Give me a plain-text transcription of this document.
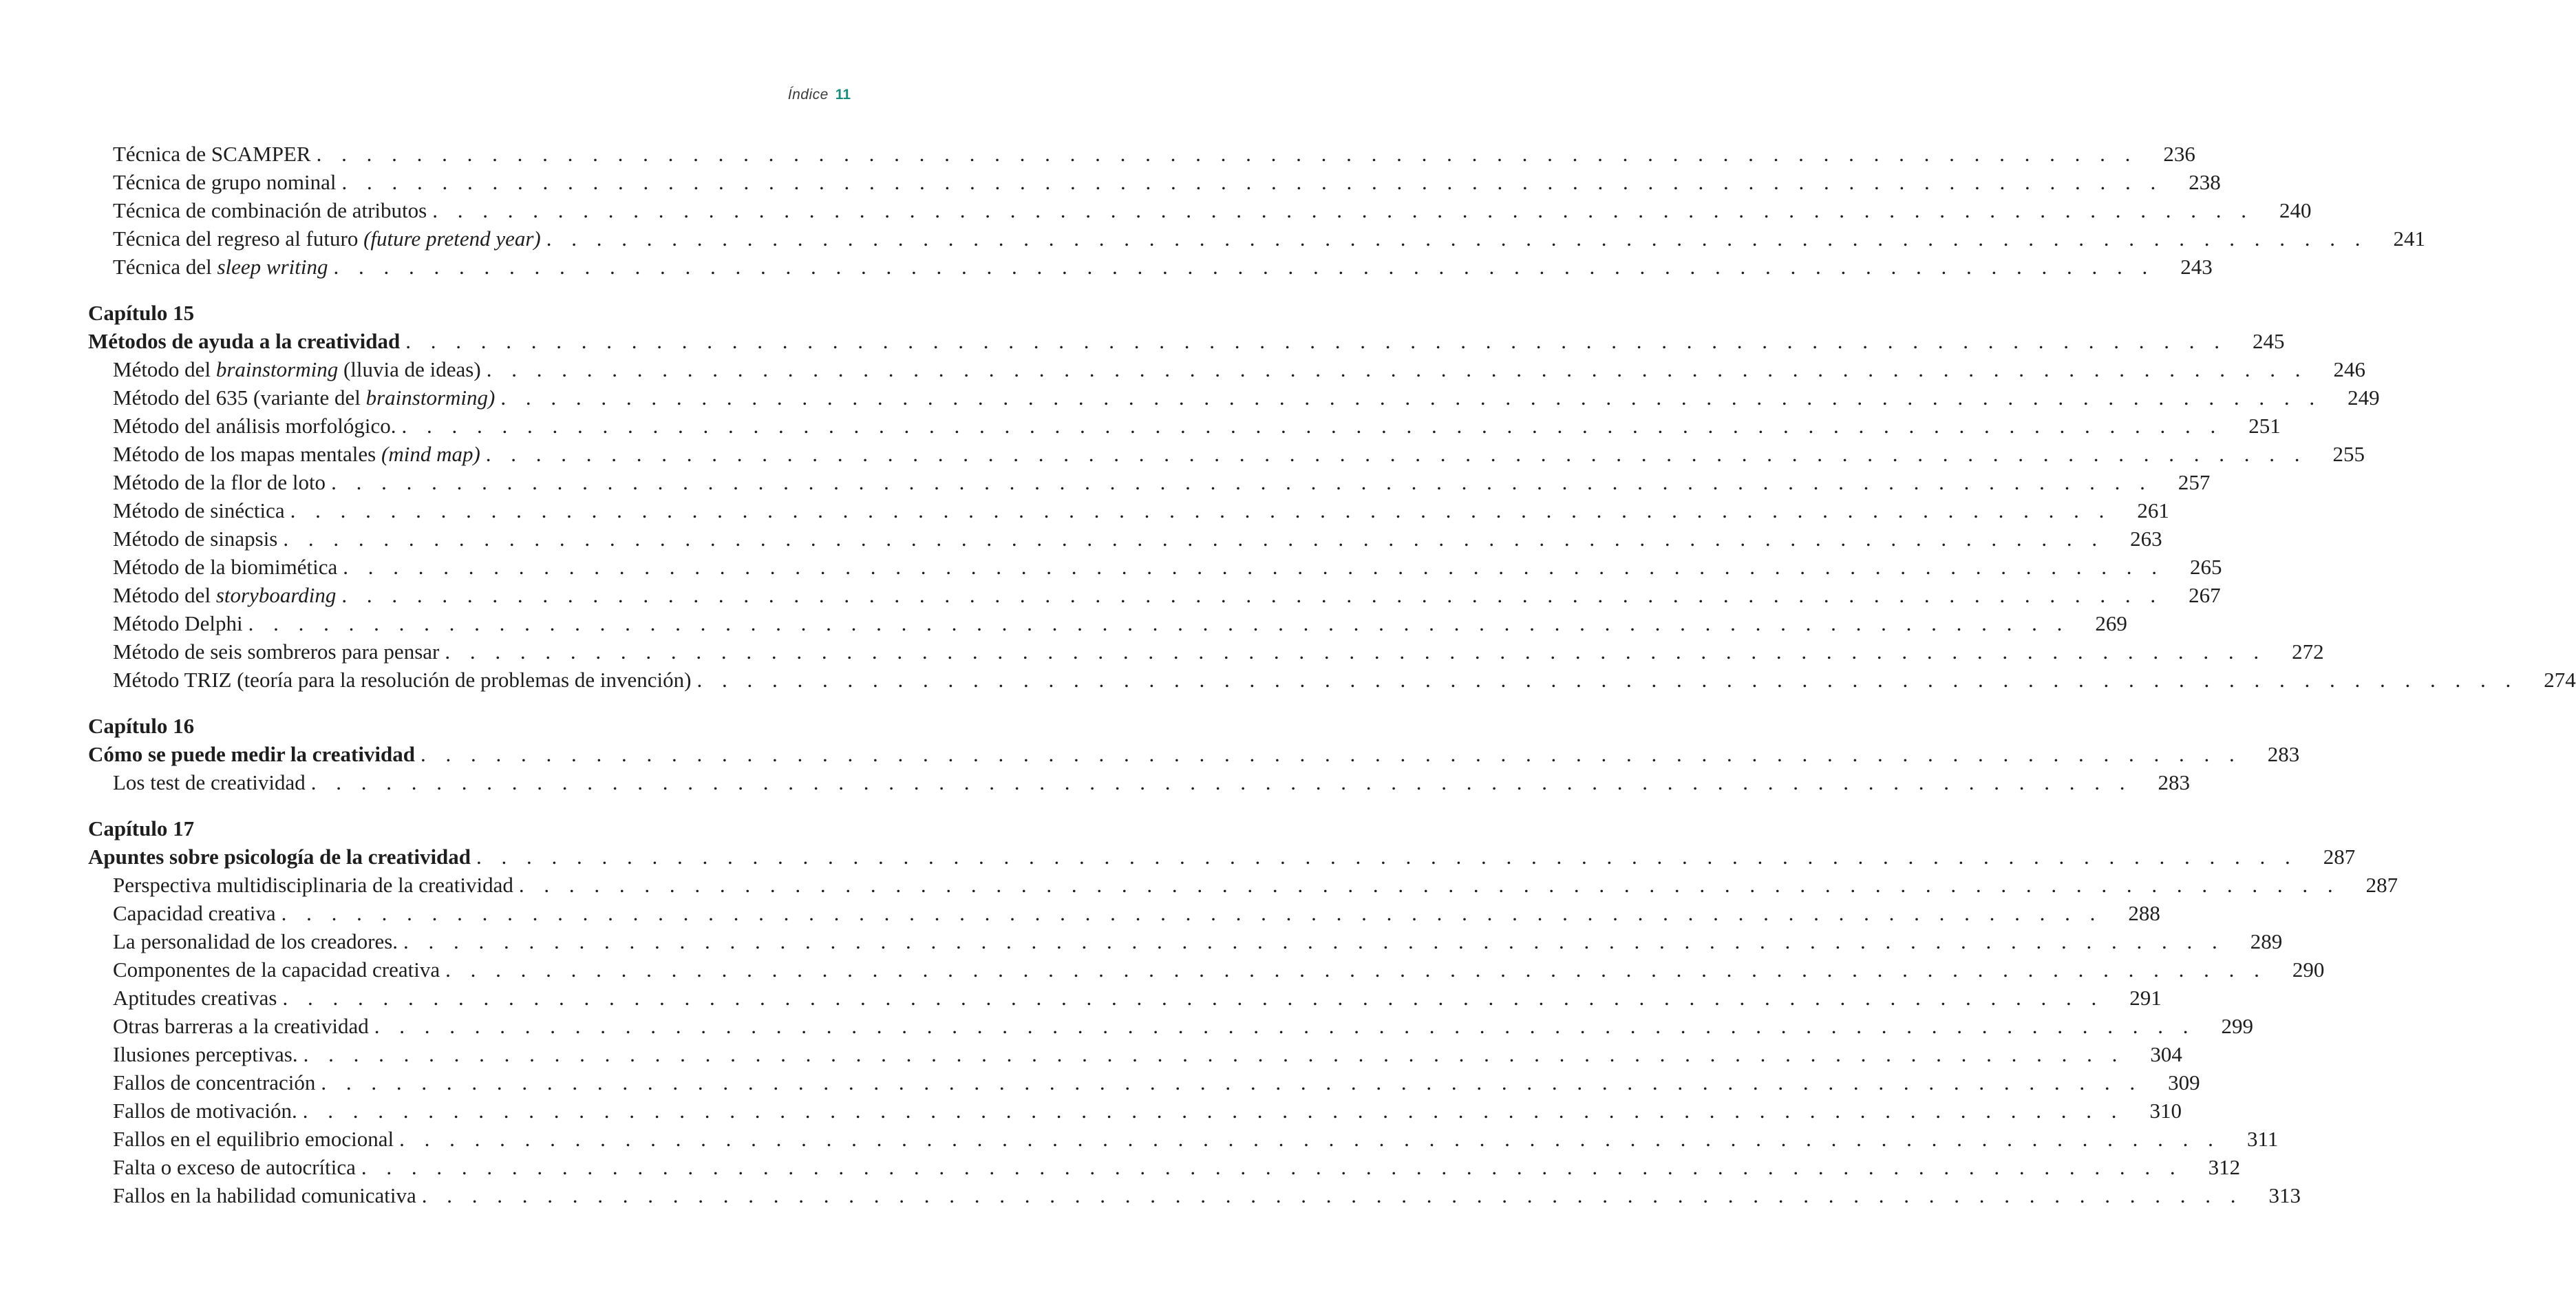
Índice 11
Técnica de SCAMPER . . . . . . . . . . . . . . . . . . . . . . . . . . . . . . . . . . . . . . . . . . . . . . . . . . . . . . . . . . . . . . . . . . . . . . . . .	236
Técnica de grupo nominal . . . . . . . . . . . . . . . . . . . . . . . . . . . . . . . . . . . . . . . . . . . . . . . . . . . . . . . . . . . . . . . . . . . . . . . . .	238
Técnica de combinación de atributos . . . . . . . . . . . . . . . . . . . . . . . . . . . . . . . . . . . . . . . . . . . . . . . . . . . . . . . . . . . . . . . . . . . . . . . . .	240
Técnica del regreso al futuro (future pretend year) . . . . . . . . . . . . . . . . . . . . . . . . . . . . . . . . . . . . . . . . . . . . . . . . . . . . . . . . . . . . . . . . . . . . . . . . .	241
Técnica del sleep writing . . . . . . . . . . . . . . . . . . . . . . . . . . . . . . . . . . . . . . . . . . . . . . . . . . . . . . . . . . . . . . . . . . . . . . . . .	243
Capítulo 15
Métodos de ayuda a la creatividad . . . . . . . . . . . . . . . . . . . . . . . . . . . . . . . . . . . . . . . . . . . . . . . . . . . . . . . . . . . . . . . . . . . . . . . . .	245
Método del brainstorming (lluvia de ideas) . . . . . . . . . . . . . . . . . . . . . . . . . . . . . . . . . . . . . . . . . . . . . . . . . . . . . . . . . . . . . . . . . . . . . . . . .	246
Método del 635 (variante del brainstorming) . . . . . . . . . . . . . . . . . . . . . . . . . . . . . . . . . . . . . . . . . . . . . . . . . . . . . . . . . . . . . . . . . . . . . . . . .	249
Método del análisis morfológico. . . . . . . . . . . . . . . . . . . . . . . . . . . . . . . . . . . . . . . . . . . . . . . . . . . . . . . . . . . . . . . . . . . . . . . . . .	251
Método de los mapas mentales (mind map) . . . . . . . . . . . . . . . . . . . . . . . . . . . . . . . . . . . . . . . . . . . . . . . . . . . . . . . . . . . . . . . . . . . . . . . . .	255
Método de la flor de loto . . . . . . . . . . . . . . . . . . . . . . . . . . . . . . . . . . . . . . . . . . . . . . . . . . . . . . . . . . . . . . . . . . . . . . . . .	257
Método de sinéctica . . . . . . . . . . . . . . . . . . . . . . . . . . . . . . . . . . . . . . . . . . . . . . . . . . . . . . . . . . . . . . . . . . . . . . . . .	261
Método de sinapsis . . . . . . . . . . . . . . . . . . . . . . . . . . . . . . . . . . . . . . . . . . . . . . . . . . . . . . . . . . . . . . . . . . . . . . . . .	263
Método de la biomimética . . . . . . . . . . . . . . . . . . . . . . . . . . . . . . . . . . . . . . . . . . . . . . . . . . . . . . . . . . . . . . . . . . . . . . . . .	265
Método del storyboarding . . . . . . . . . . . . . . . . . . . . . . . . . . . . . . . . . . . . . . . . . . . . . . . . . . . . . . . . . . . . . . . . . . . . . . . . .	267
Método Delphi . . . . . . . . . . . . . . . . . . . . . . . . . . . . . . . . . . . . . . . . . . . . . . . . . . . . . . . . . . . . . . . . . . . . . . . . .	269
Método de seis sombreros para pensar . . . . . . . . . . . . . . . . . . . . . . . . . . . . . . . . . . . . . . . . . . . . . . . . . . . . . . . . . . . . . . . . . . . . . . . . .	272
Método TRIZ (teoría para la resolución de problemas de invención) . . . . . . . . . . . . . . . . . . . . . . . . . . . . . . . . . . . . . . . . . . . . . . . . . . . . . . . . . . . . . . . . . . . . . . . . .	274
Capítulo 16
Cómo se puede medir la creatividad . . . . . . . . . . . . . . . . . . . . . . . . . . . . . . . . . . . . . . . . . . . . . . . . . . . . . . . . . . . . . . . . . . . . . . . . .	283
Los test de creatividad . . . . . . . . . . . . . . . . . . . . . . . . . . . . . . . . . . . . . . . . . . . . . . . . . . . . . . . . . . . . . . . . . . . . . . . . .	283
Capítulo 17
Apuntes sobre psicología de la creatividad . . . . . . . . . . . . . . . . . . . . . . . . . . . . . . . . . . . . . . . . . . . . . . . . . . . . . . . . . . . . . . . . . . . . . . . . .	287
Perspectiva multidisciplinaria de la creatividad . . . . . . . . . . . . . . . . . . . . . . . . . . . . . . . . . . . . . . . . . . . . . . . . . . . . . . . . . . . . . . . . . . . . . . . . .	287
Capacidad creativa . . . . . . . . . . . . . . . . . . . . . . . . . . . . . . . . . . . . . . . . . . . . . . . . . . . . . . . . . . . . . . . . . . . . . . . . .	288
La personalidad de los creadores. . . . . . . . . . . . . . . . . . . . . . . . . . . . . . . . . . . . . . . . . . . . . . . . . . . . . . . . . . . . . . . . . . . . . . . . . .	289
Componentes de la capacidad creativa . . . . . . . . . . . . . . . . . . . . . . . . . . . . . . . . . . . . . . . . . . . . . . . . . . . . . . . . . . . . . . . . . . . . . . . . .	290
Aptitudes creativas . . . . . . . . . . . . . . . . . . . . . . . . . . . . . . . . . . . . . . . . . . . . . . . . . . . . . . . . . . . . . . . . . . . . . . . . .	291
Otras barreras a la creatividad . . . . . . . . . . . . . . . . . . . . . . . . . . . . . . . . . . . . . . . . . . . . . . . . . . . . . . . . . . . . . . . . . . . . . . . . .	299
Ilusiones perceptivas. . . . . . . . . . . . . . . . . . . . . . . . . . . . . . . . . . . . . . . . . . . . . . . . . . . . . . . . . . . . . . . . . . . . . . . . . .	304
Fallos de concentración . . . . . . . . . . . . . . . . . . . . . . . . . . . . . . . . . . . . . . . . . . . . . . . . . . . . . . . . . . . . . . . . . . . . . . . . .	309
Fallos de motivación. . . . . . . . . . . . . . . . . . . . . . . . . . . . . . . . . . . . . . . . . . . . . . . . . . . . . . . . . . . . . . . . . . . . . . . . . .	310
Fallos en el equilibrio emocional . . . . . . . . . . . . . . . . . . . . . . . . . . . . . . . . . . . . . . . . . . . . . . . . . . . . . . . . . . . . . . . . . . . . . . . . .	311
Falta o exceso de autocrítica . . . . . . . . . . . . . . . . . . . . . . . . . . . . . . . . . . . . . . . . . . . . . . . . . . . . . . . . . . . . . . . . . . . . . . . . .	312
Fallos en la habilidad comunicativa . . . . . . . . . . . . . . . . . . . . . . . . . . . . . . . . . . . . . . . . . . . . . . . . . . . . . . . . . . . . . . . . . . . . . . . . .	313
